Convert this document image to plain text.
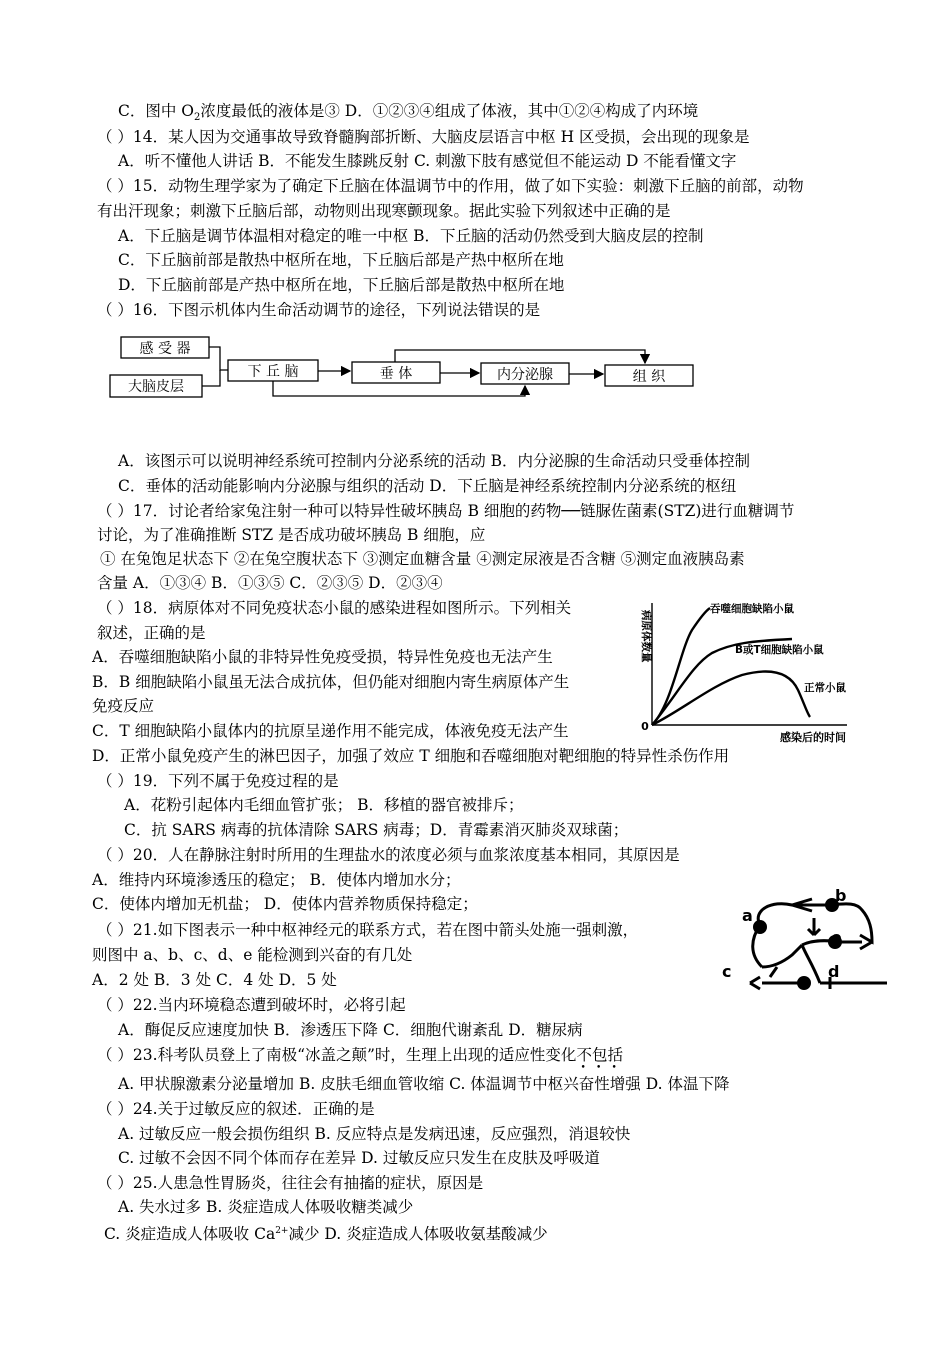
C．图中 $O_2$浓度最低的液体是③ D．①②③④组成了体液，其中①②④构成了内环境
（ ）14．某人因为交通事故导致脊髓胸部折断、大脑皮层语言中枢 H 区受损，会出现的现象是
A．听不懂他人讲话 B．不能发生膝跳反射 C. 刺激下肢有感觉但不能运动 D 不能看懂文字
（ ）15．动物生理学家为了确定下丘脑在体温调节中的作用，做了如下实验：刺激下丘脑的前部，动物
有出汗现象；刺激下丘脑后部，动物则出现寒颤现象。据此实验下列叙述中正确的是
A．下丘脑是调节体温相对稳定的唯一中枢 B．下丘脑的活动仍然受到大脑皮层的控制
C．下丘脑前部是散热中枢所在地，下丘脑后部是产热中枢所在地
D．下丘脑前部是产热中枢所在地，下丘脑后部是散热中枢所在地
（ ）16．下图示机体内生命活动调节的途径，下列说法错误的是
感 受 器
大脑皮层
下 丘 脑	垂 体	内分泌腺	组 织
A．该图示可以说明神经系统可控制内分泌系统的活动 B．内分泌腺的生命活动只受垂体控制
C．垂体的活动能影响内分泌腺与组织的活动 D．下丘脑是神经系统控制内分泌系统的枢纽
（ ）17．讨论者给家兔注射一种可以特异性破坏胰岛 B 细胞的药物──链脲佐菌素(STZ)进行血糖调节
讨论，为了准确推断 STZ 是否成功破坏胰岛 B 细胞，应
① 在兔饱足状态下 ②在兔空腹状态下 ③测定血糖含量 ④测定尿液是否含糖 ⑤测定血液胰岛素
含量 A．①③④ B．①③⑤ C．②③⑤ D．②③④
（ ）18．病原体对不同免疫状态小鼠的感染进程如图所示。下列相关
叙述，正确的是
A．吞噬细胞缺陷小鼠的非特异性免疫受损，特异性免疫也无法产生
B．B 细胞缺陷小鼠虽无法合成抗体，但仍能对细胞内寄生病原体产生
免疫反应
C．T 细胞缺陷小鼠体内的抗原呈递作用不能完成，体液免疫无法产生
D．正常小鼠免疫产生的淋巴因子，加强了效应 T 细胞和吞噬细胞对靶细胞的特异性杀伤作用
0
病原体数量
感染后的时间
吞噬细胞缺陷小鼠
B或T细胞缺陷小鼠
正常小鼠
（ ）19．下列不属于免疫过程的是
A．花粉引起体内毛细血管扩张； B．移植的器官被排斥；
C．抗 SARS 病毒的抗体清除 SARS 病毒；D．青霉素消灭肺炎双球菌；
（ ）20．人在静脉注射时所用的生理盐水的浓度必须与血浆浓度基本相同，其原因是
A．维持内环境渗透压的稳定； B．使体内增加水分；
C．使体内增加无机盐； D．使体内营养物质保持稳定；
（ ）21.如下图表示一种中枢神经元的联系方式，若在图中箭头处施一强刺激，
则图中 a、b、c、d、e 能检测到兴奋的有几处
A．2 处 B．3 处 C．4 处 D．5 处
a
b
c	d
e
（ ）22.当内环境稳态遭到破坏时，必将引起
A．酶促反应速度加快 B．渗透压下降 C．细胞代谢紊乱 D．糖尿病
（ ）23.科考队员登上了南极“冰盖之颠”时，生理上出现的适应性变化不包括
A. 甲状腺激素分泌量增加 B. 皮肤毛细血管收缩 C. 体温调节中枢兴奋性增强 D. 体温下降
（ ）24.关于过敏反应的叙述．正确的是
A. 过敏反应一般会损伤组织 B. 反应特点是发病迅速，反应强烈，消退较快
C. 过敏不会因不同个体而存在差异 D. 过敏反应只发生在皮肤及呼吸道
（ ）25.人患急性胃肠炎，往往会有抽搐的症状，原因是
A. 失水过多 B. 炎症造成人体吸收糖类减少
C. 炎症造成人体吸收 $Ca^{2+}$减少 D. 炎症造成人体吸收氨基酸减少
